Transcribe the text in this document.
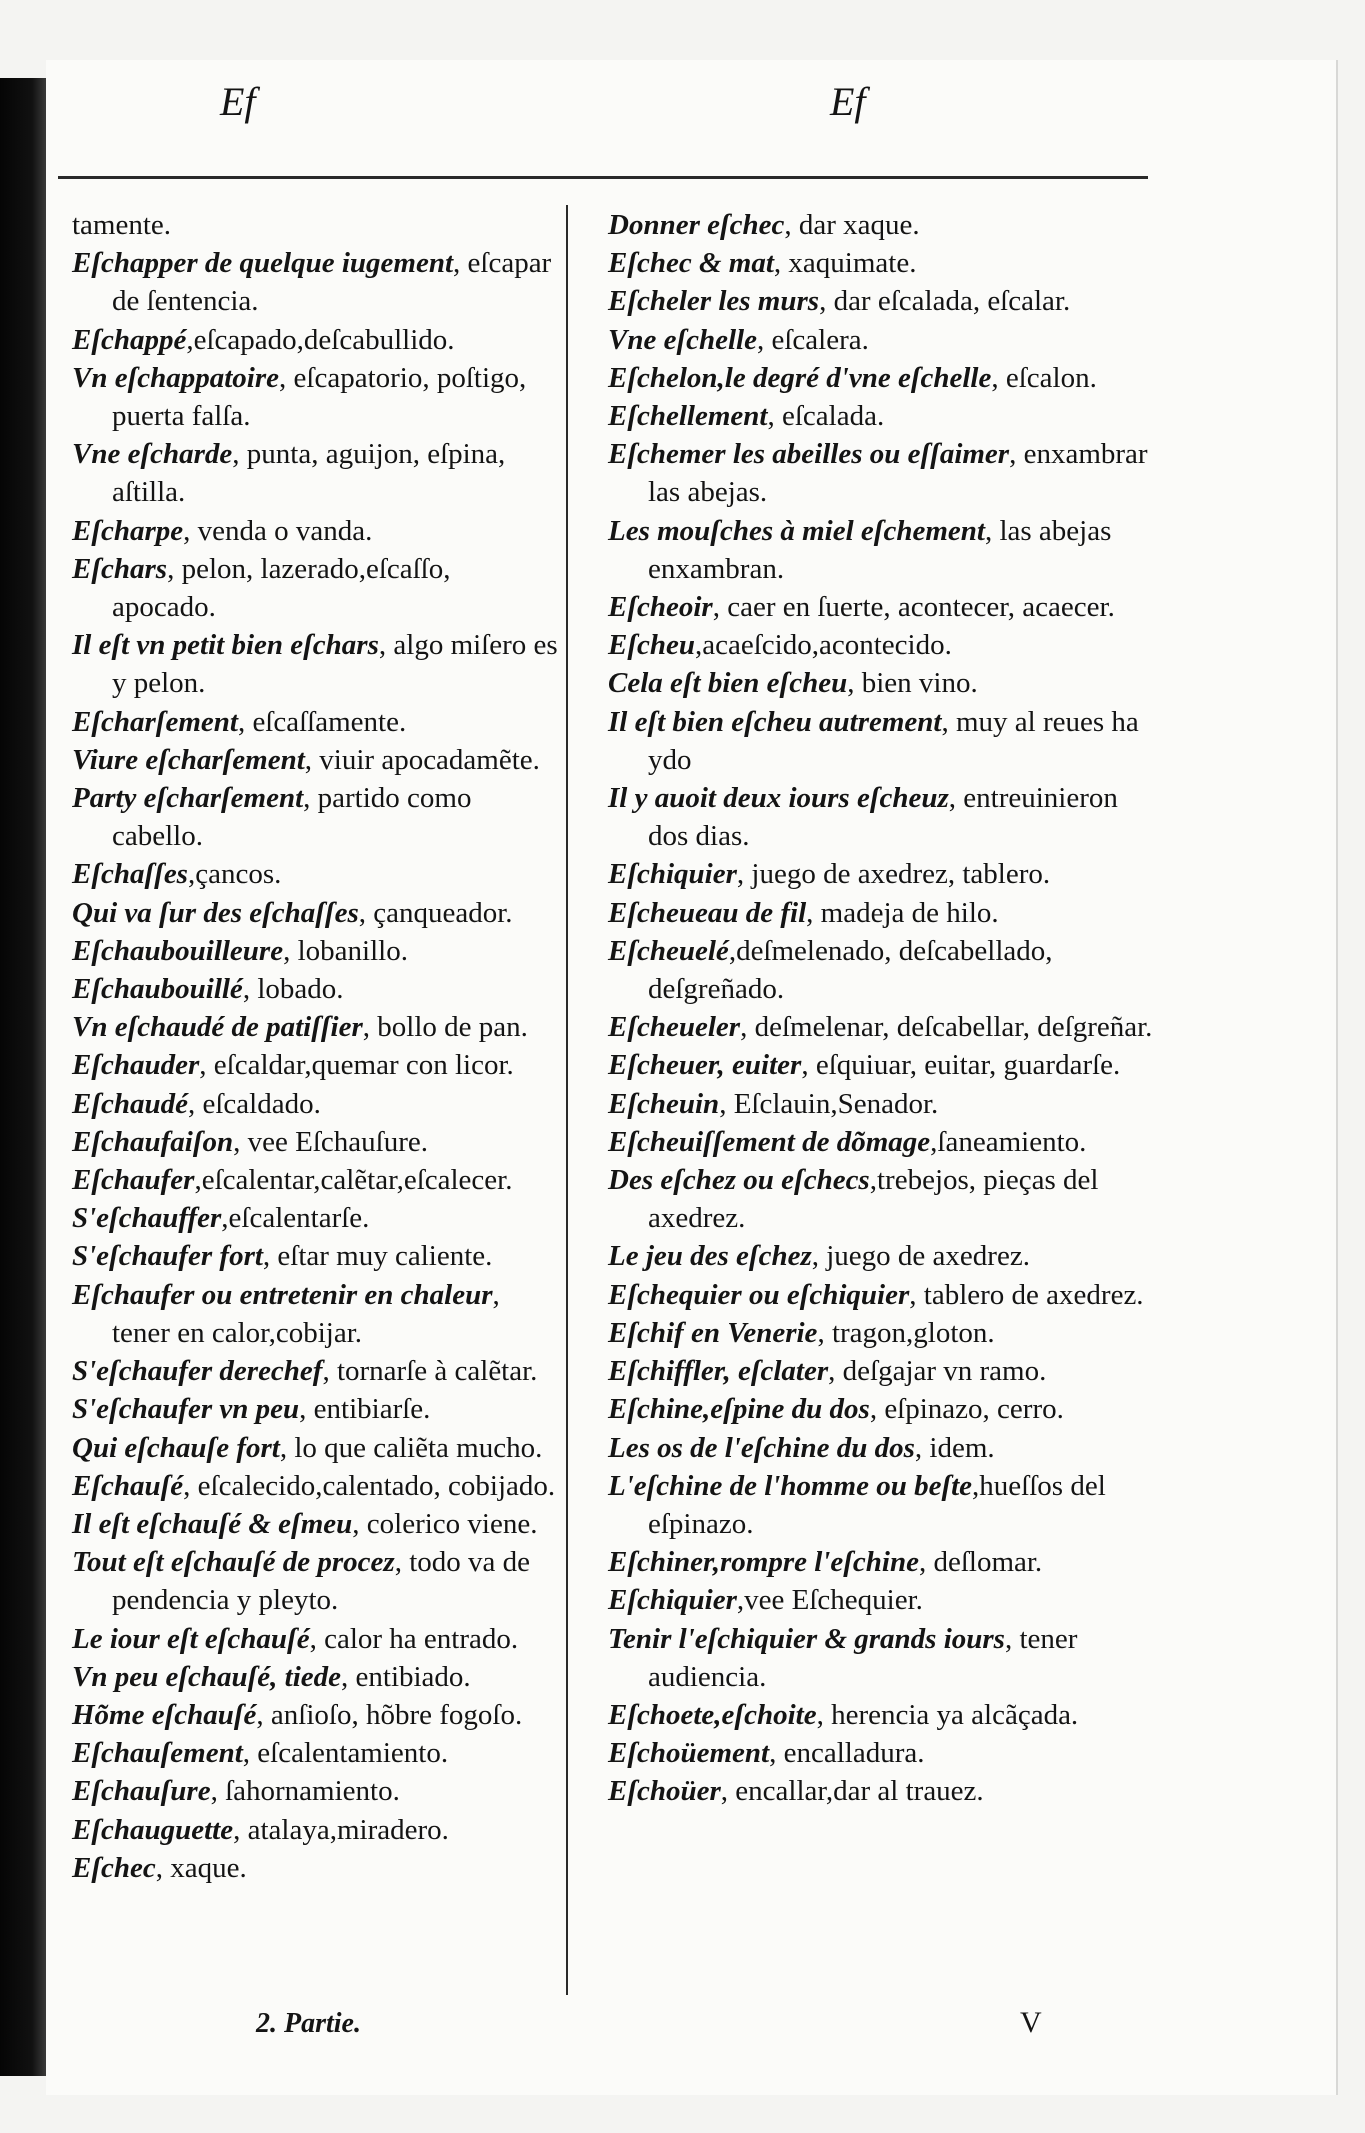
Ef	Ef

tamente.

Eſchapper de quelque iugement, eſcapar de ſentencia.

Eſchappé,eſcapado,deſcabullido.

Vn eſchappatoire, eſcapatorio, poſtigo, puerta falſa.

Vne eſcharde, punta, aguijon, eſpina, aſtilla.

Eſcharpe, venda o vanda.

Eſchars, pelon, lazerado,eſcaſſo, apocado.

Il eſt vn petit bien eſchars, algo miſero es y pelon.

Eſcharſement, eſcaſſamente.

Viure eſcharſement, viuir apocadamẽte.

Party eſcharſement, partido como cabello.

Eſchaſſes,çancos.

Qui va ſur des eſchaſſes, çanqueador.

Eſchaubouilleure, lobanillo.

Eſchaubouillé, lobado.

Vn eſchaudé de patiſſier, bollo de pan.

Eſchauder, eſcaldar,quemar con licor.

Eſchaudé, eſcaldado.

Eſchaufaiſon, vee Eſchauſure.

Eſchaufer,eſcalentar,calẽtar,eſcalecer.

S'eſchauffer,eſcalentarſe.

S'eſchaufer fort, eſtar muy caliente.

Eſchaufer ou entretenir en chaleur, tener en calor,cobijar.

S'eſchaufer derechef, tornarſe à calẽtar.

S'eſchaufer vn peu, entibiarſe.

Qui eſchauſe fort, lo que caliẽta mucho.

Eſchauſé, eſcalecido,calentado, cobijado.

Il eſt eſchauſé & eſmeu, colerico viene.

Tout eſt eſchauſé de procez, todo va de pendencia y pleyto.

Le iour eſt eſchauſé, calor ha entrado.

Vn peu eſchauſé, tiede, entibiado.

Hõme eſchauſé, anſioſo, hõbre fogoſo.

Eſchauſement, eſcalentamiento.

Eſchauſure, ſahornamiento.

Eſchauguette, atalaya,miradero.

Eſchec, xaque.

Donner eſchec, dar xaque.

Eſchec & mat, xaquimate.

Eſcheler les murs, dar eſcalada, eſcalar.

Vne eſchelle, eſcalera.

Eſchelon,le degré d'vne eſchelle, eſcalon.

Eſchellement, eſcalada.

Eſchemer les abeilles ou eſſaimer, enxambrar las abejas.

Les mouſches à miel eſchement, las abejas enxambran.

Eſcheoir, caer en ſuerte, acontecer, acaecer.

Eſcheu,acaeſcido,acontecido.

Cela eſt bien eſcheu, bien vino.

Il eſt bien eſcheu autrement, muy al reues ha ydo

Il y auoit deux iours eſcheuz, entreuinieron dos dias.

Eſchiquier, juego de axedrez, tablero.

Eſcheueau de fil, madeja de hilo.

Eſcheuelé,deſmelenado, deſcabellado, deſgreñado.

Eſcheueler, deſmelenar, deſcabellar, deſgreñar.

Eſcheuer, euiter, eſquiuar, euitar, guardarſe.

Eſcheuin, Eſclauin,Senador.

Eſcheuiſſement de dõmage,ſaneamiento.

Des eſchez ou eſchecs,trebejos, pieças del axedrez.

Le jeu des eſchez, juego de axedrez.

Eſchequier ou eſchiquier, tablero de axedrez.

Eſchif en Venerie, tragon,gloton.

Eſchiffler, eſclater, deſgajar vn ramo.

Eſchine,eſpine du dos, eſpinazo, cerro.

Les os de l'eſchine du dos, idem.

L'eſchine de l'homme ou beſte,hueſſos del eſpinazo.

Eſchiner,rompre l'eſchine, deſlomar.

Eſchiquier,vee Eſchequier.

Tenir l'eſchiquier & grands iours, tener audiencia.

Eſchoete,eſchoite, herencia ya alcãçada.

Eſchoüement, encalladura.

Eſchoüer, encallar,dar al trauez.

2. Partie.	V
